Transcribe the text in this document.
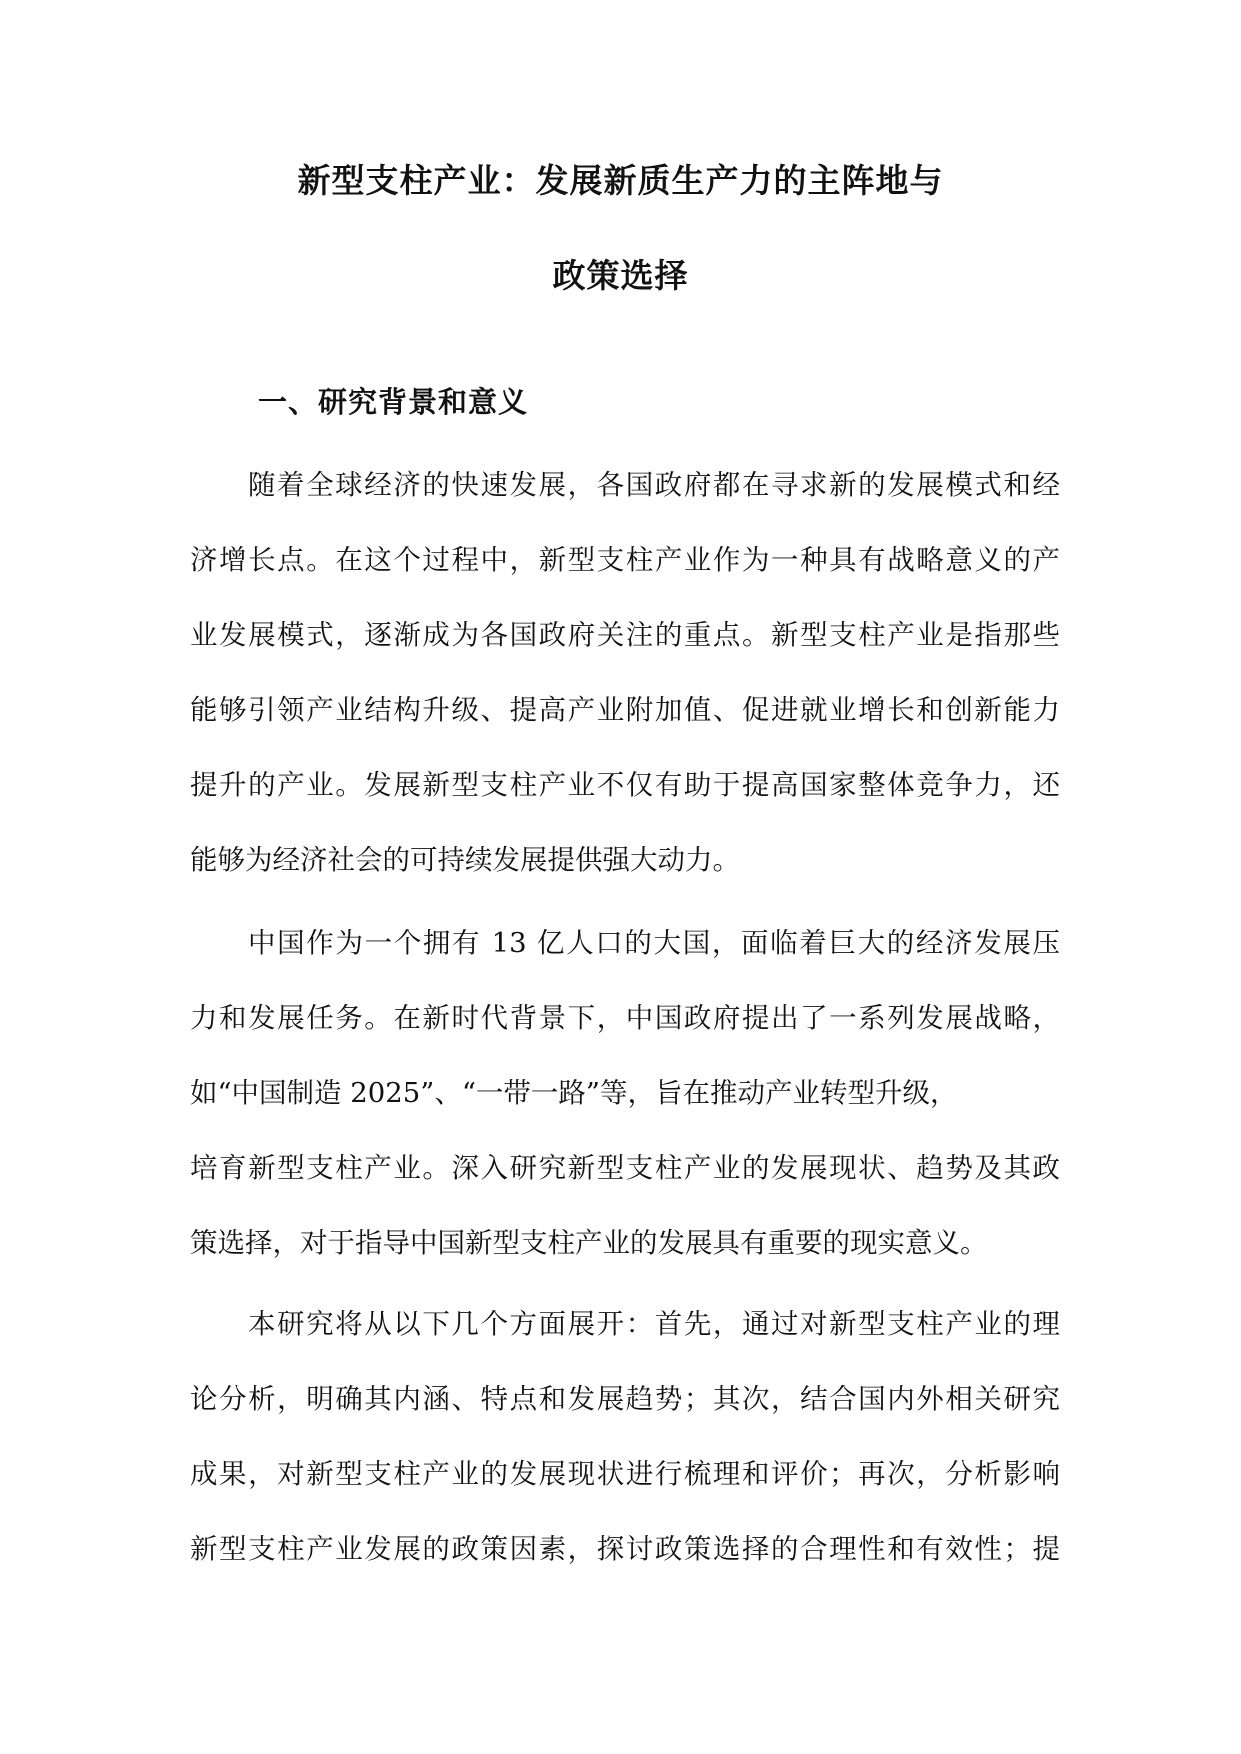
新型支柱产业：发展新质生产力的主阵地与
政策选择
一、研究背景和意义
随着全球经济的快速发展，各国政府都在寻求新的发展模式和经
济增长点。在这个过程中，新型支柱产业作为一种具有战略意义的产
业发展模式，逐渐成为各国政府关注的重点。新型支柱产业是指那些
能够引领产业结构升级、提高产业附加值、促进就业增长和创新能力
提升的产业。发展新型支柱产业不仅有助于提高国家整体竞争力，还
能够为经济社会的可持续发展提供强大动力。
中国作为一个拥有 13 亿人口的大国，面临着巨大的经济发展压
力和发展任务。在新时代背景下，中国政府提出了一系列发展战略，
如“中国制造 2025”、“一带一路”等，旨在推动产业转型升级，
培育新型支柱产业。深入研究新型支柱产业的发展现状、趋势及其政
策选择，对于指导中国新型支柱产业的发展具有重要的现实意义。
本研究将从以下几个方面展开：首先，通过对新型支柱产业的理
论分析，明确其内涵、特点和发展趋势；其次，结合国内外相关研究
成果，对新型支柱产业的发展现状进行梳理和评价；再次，分析影响
新型支柱产业发展的政策因素，探讨政策选择的合理性和有效性；提
